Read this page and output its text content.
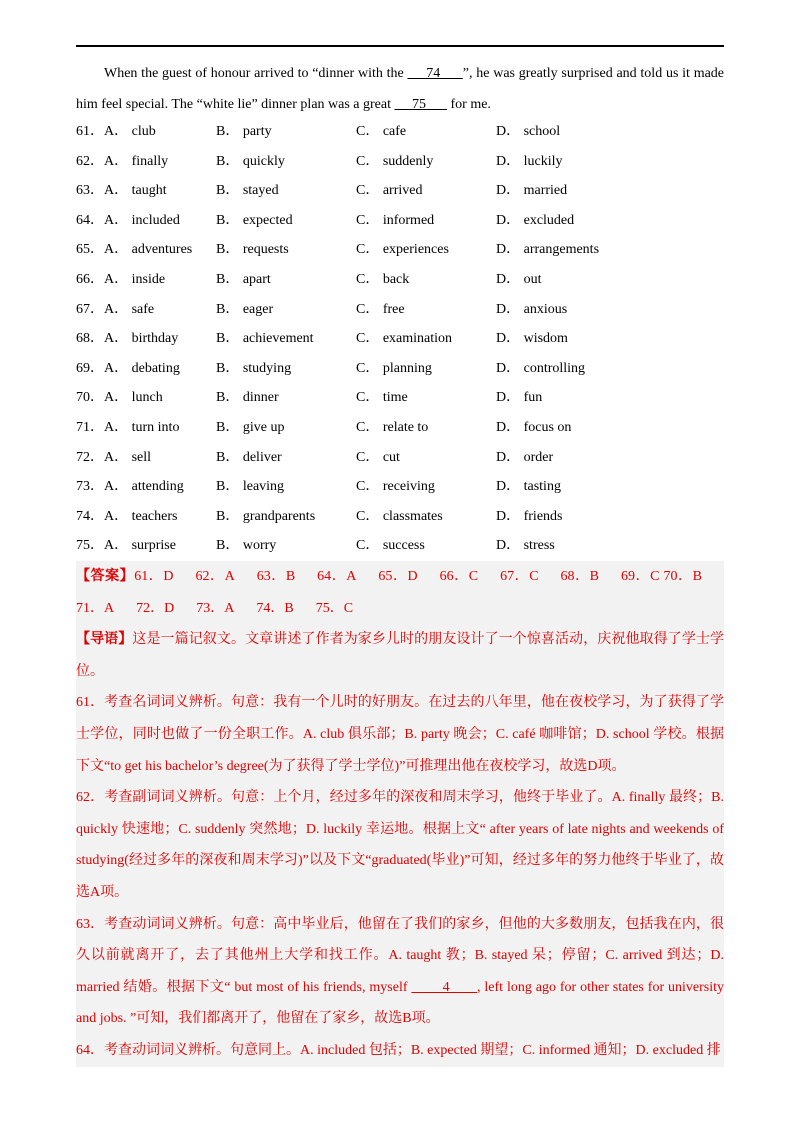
When the guest of honour arrived to “dinner with the      74      ”, he was greatly surprised and told us it made him feel special. The “white lie” dinner plan was a great      75       for me.

61． A． club	B． party	C． cafe	D． school
62． A． finally	B． quickly	C． suddenly	D． luckily
63． A． taught	B． stayed	C． arrived	D． married
64． A． included	B． expected	C． informed	D． excluded
65． A． adventures B． requests	C． experiences	D． arrangements
66． A． inside	B． apart	C． back	D． out
67． A． safe	B． eager	C． free	D． anxious
68． A． birthday	B． achievement	C． examination	D． wisdom
69． A． debating	B． studying	C． planning	D． controlling
70． A． lunch	B． dinner	C． time	D． fun
71． A． turn into	B． give up	C． relate to	D． focus on
72． A． sell	B． deliver	C． cut	D． order
73． A． attending B． leaving	C． receiving	D． tasting
74． A． teachers	B． grandparents	C． classmates	D． friends
75． A． surprise	B． worry	C． success	D． stress

【答案】61．D 62．A 63．B 64．A 65．D 66．C 67．C 68．B 69．C 70．B71．A 72．D 73．A 74．B 75．C

【导语】这是一篇记叙文。文章讲述了作者为家乡儿时的朋友设计了一个惊喜活动，庆祝他取得了学士学位。

61．考查名词词义辨析。句意：我有一个儿时的好朋友。在过去的八年里，他在夜校学习，为了获得了学士学位，同时也做了一份全职工作。A. club 俱乐部；B. party 晚会；C. café 咖啡馆；D. school 学校。根据下文“to get his bachelor’s degree(为了获得了学士学位)”可推理出他在夜校学习，故选D项。

62．考查副词词义辨析。句意：上个月，经过多年的深夜和周末学习，他终于毕业了。A. finally 最终；B. quickly 快速地；C. suddenly 突然地；D. luckily 幸运地。根据上文“ after years of late nights and weekends of studying(经过多年的深夜和周末学习)”以及下文“graduated(毕业)”可知，经过多年的努力他终于毕业了，故选A项。

63．考查动词词义辨析。句意：高中毕业后，他留在了我们的家乡，但他的大多数朋友，包括我在内，很久以前就离开了，去了其他州上大学和找工作。A. taught 教；B. stayed 呆；停留；C. arrived 到达；D. married 结婚。根据下文“ but most of his friends, myself         4       , left long ago for other states for university and jobs. ”可知，我们都离开了，他留在了家乡，故选B项。

64．考查动词词义辨析。句意同上。A. included 包括；B. expected 期望；C. informed 通知；D. excluded 排
